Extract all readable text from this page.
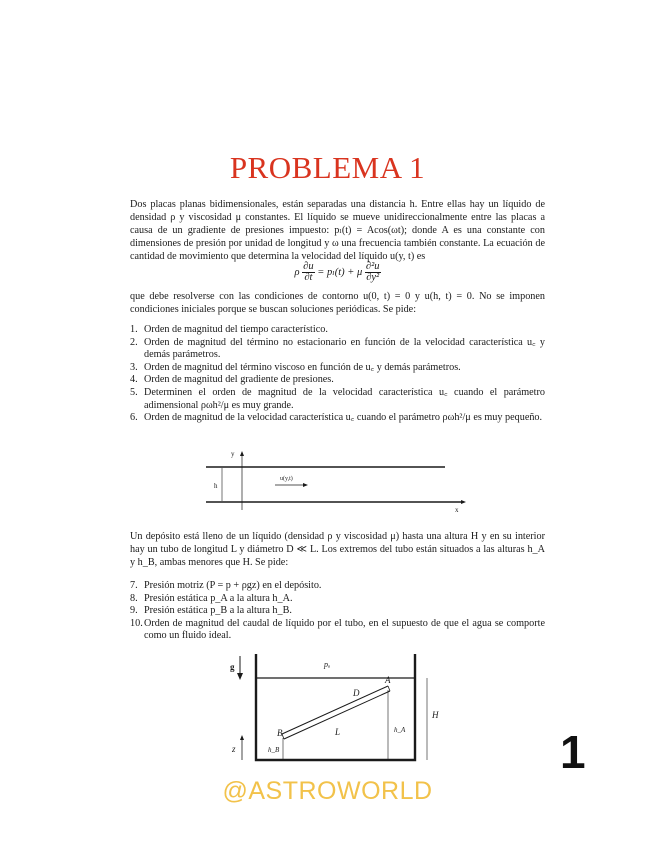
PROBLEMA 1

Dos placas planas bidimensionales, están separadas una distancia h. Entre ellas hay un líquido de densidad ρ y viscosidad μ constantes. El líquido se mueve unidireccionalmente entre las placas a causa de un gradiente de presiones impuesto: pₗ(t) = Acos(ωt); donde A es una constante con dimensiones de presión por unidad de longitud y ω una frecuencia también constante. La ecuación de cantidad de movimiento que determina la velocidad del líquido u(y, t) es

ρ $\frac{\partial u}{\partial t} = p_l(t) + \mu \frac{\text{∂²u}}{\text{∂y²}}$

que debe resolverse con las condiciones de contorno u(0, t) = 0 y u(h, t) = 0. No se imponen condiciones iniciales porque se buscan soluciones periódicas. Se pide:

1. Orden de magnitud del tiempo característico.
2. Orden de magnitud del término no estacionario en función de la velocidad característica u꜀ y demás parámetros.
3. Orden de magnitud del término viscoso en función de u꜀ y demás parámetros.
4. Orden de magnitud del gradiente de presiones.
5. Determinen el orden de magnitud de la velocidad característica u꜀ cuando el parámetro adimensional ρωh²/μ es muy grande.
6. Orden de magnitud de la velocidad característica u꜀ cuando el parámetro ρωh²/μ es muy pequeño.
y
x
h
u(y,t)

Un depósito está lleno de un líquido (densidad ρ y viscosidad μ) hasta una altura H y en su interior hay un tubo de longitud L y diámetro D ≪ L. Los extremos del tubo están situados a las alturas h_A y h_B, ambas menores que H. Se pide:

7. Presión motriz (P = p + ρgz) en el depósito.
8. Presión estática p_A a la altura h_A.
9. Presión estática p_B a la altura h_B.
10. Orden de magnitud del caudal de líquido por el tubo, en el supuesto de que el agua se comporte como un fluido ideal.
g	pₐ
D
A
B	L	h_A
h_B
H
z	1
@ASTROWORLD
